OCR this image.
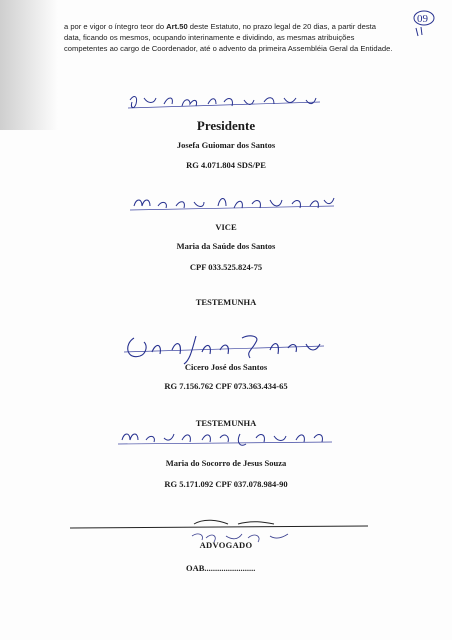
a por e vigor o íntegro teor do Art.50 deste Estatuto, no prazo legal de 20 dias, a partir desta data, ficando os mesmos, ocupando interinamente e dividindo, as mesmas atribuições competentes ao cargo de Coordenador, até o advento da primeira Assembléia Geral da Entidade.

09
Presidente
Josefa Guiomar dos Santos
RG 4.071.804 SDS/PE
VICE
Maria da Saúde dos Santos
CPF 033.525.824-75
TESTEMUNHA
Cicero José dos Santos
RG 7.156.762 CPF 073.363.434-65
TESTEMUNHA
Maria do Socorro de Jesus Souza
RG 5.171.092 CPF 037.078.984-90
ADVOGADO
OAB........................
